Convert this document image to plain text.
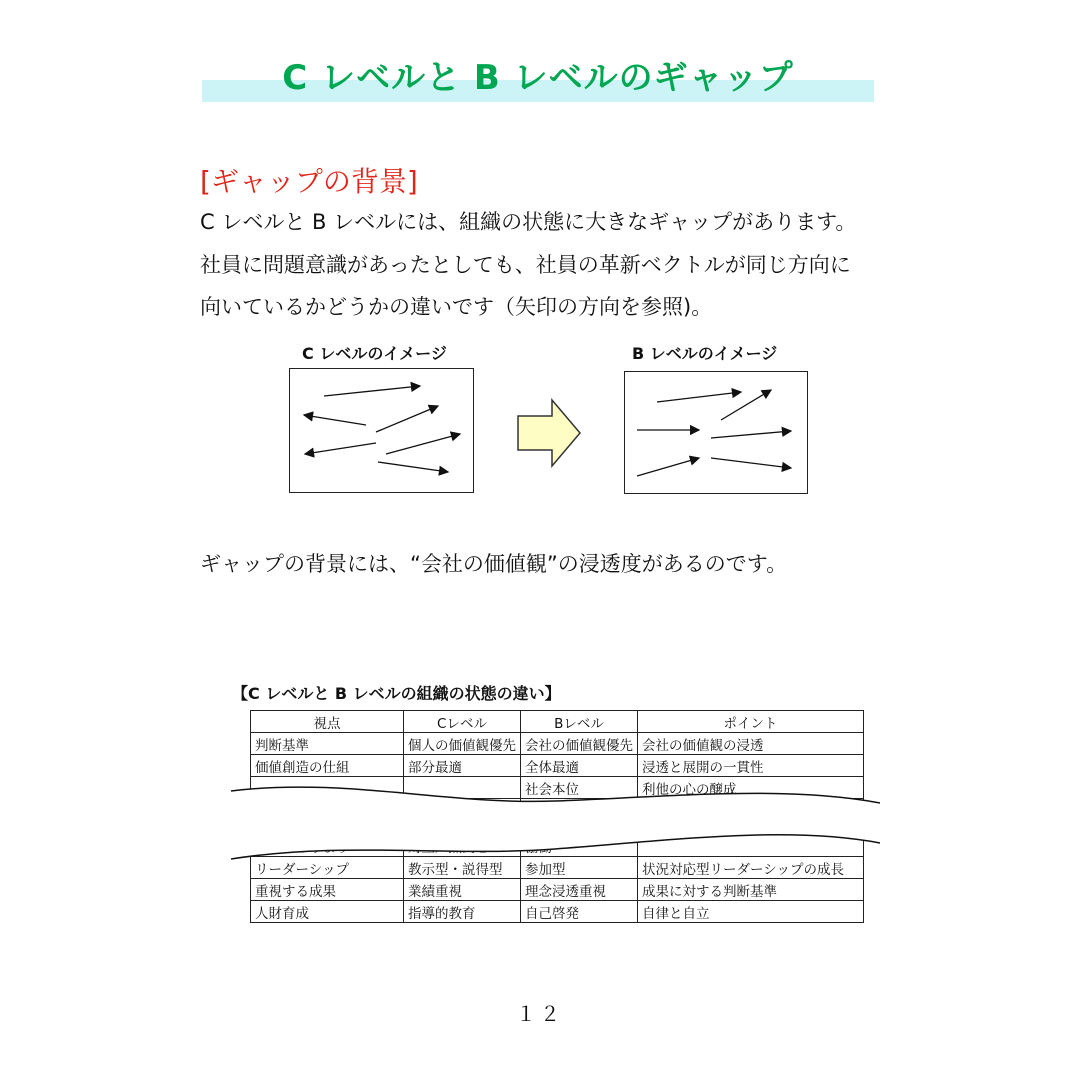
C レベルと B レベルのギャップ
[ギャップの背景]
C レベルと B レベルには、組織の状態に大きなギャップがあります。
社員に問題意識があったとしても、社員の革新ベクトルが同じ方向に
向いているかどうかの違いです（矢印の方向を参照)。
C レベルのイメージ	B レベルのイメージ
ギャップの背景には、“会社の価値観”の浸透度があるのです。
【C レベルと B レベルの組織の状態の違い】
視点	Cレベル	Bレベル	ポイント
判断基準	個人の価値観優先	会社の価値観優先	会社の価値観の浸透
価値創造の仕組	部分最適	全体最適	浸透と展開の一貫性
		社会本位	利他の心の醸成

リーダーシップ	教示型・説得型	参加型	状況対応型リーダーシップの成長
重視する成果	業績重視	理念浸透重視	成果に対する判断基準
人財育成	指導的教育	自己啓発	自律と自立
１２
